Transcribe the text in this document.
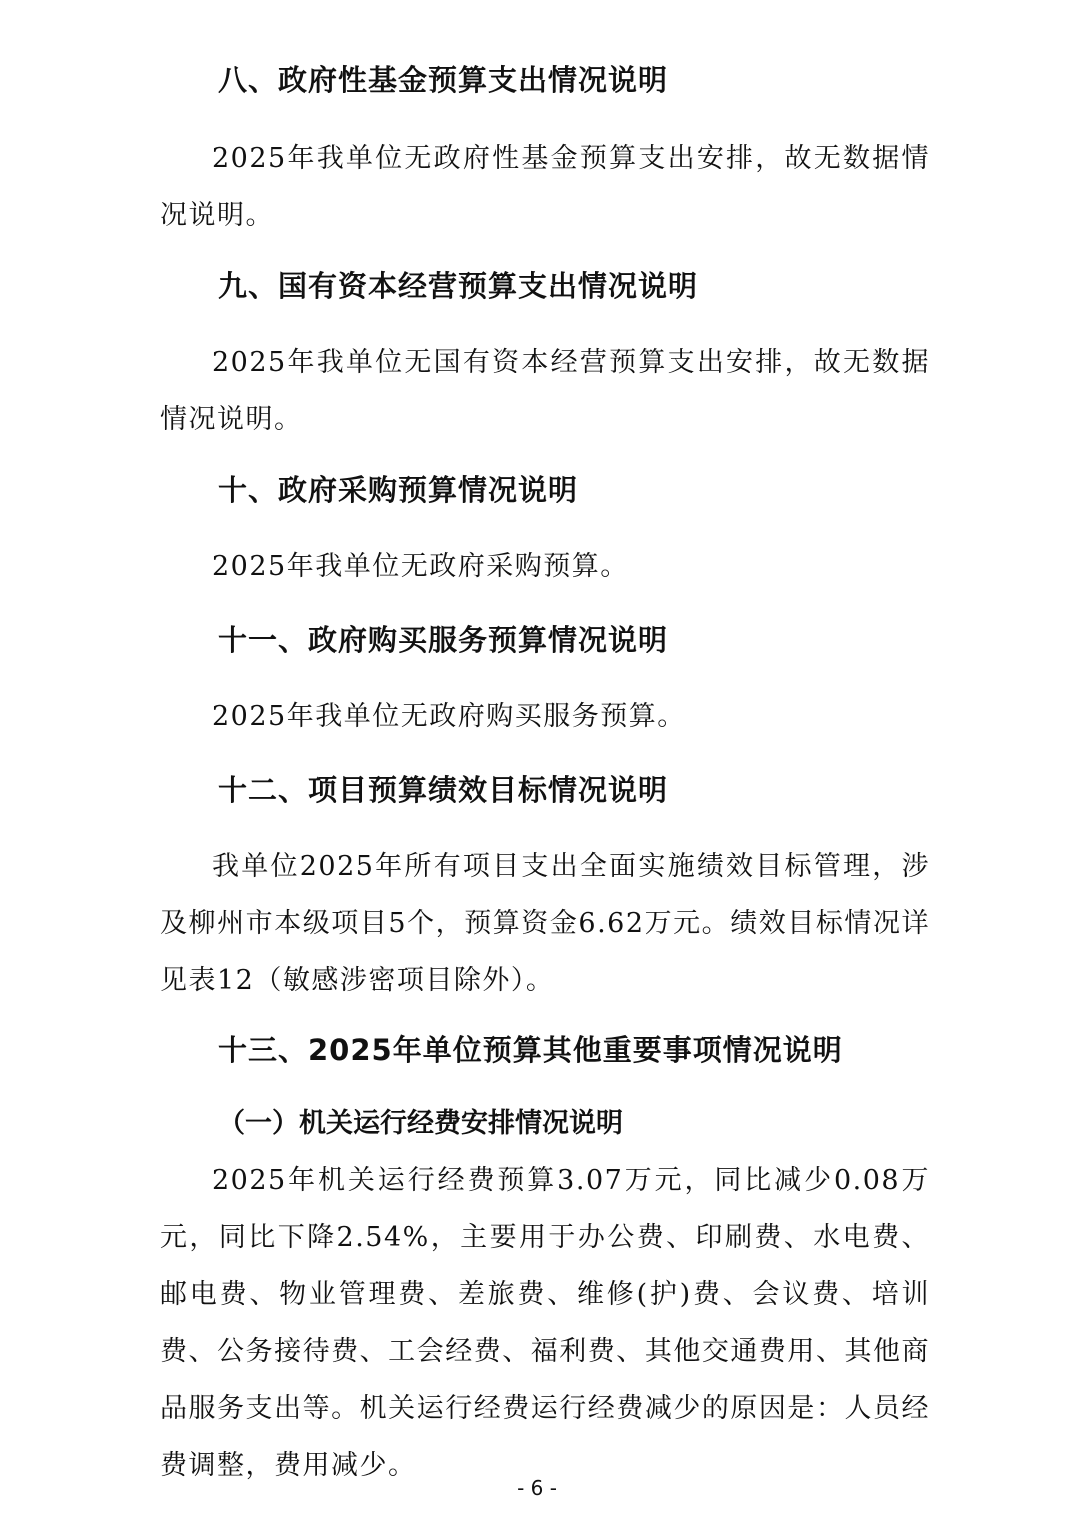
八、政府性基金预算支出情况说明

2025年我单位无政府性基金预算支出安排，故无数据情况说明。

九、国有资本经营预算支出情况说明

2025年我单位无国有资本经营预算支出安排，故无数据情况说明。

十、政府采购预算情况说明

2025年我单位无政府采购预算。

十一、政府购买服务预算情况说明

2025年我单位无政府购买服务预算。

十二、项目预算绩效目标情况说明

我单位2025年所有项目支出全面实施绩效目标管理，涉及柳州市本级项目5个，预算资金6.62万元。绩效目标情况详见表12（敏感涉密项目除外）。

十三、2025年单位预算其他重要事项情况说明
（一）机关运行经费安排情况说明

2025年机关运行经费预算3.07万元，同比减少0.08万元，同比下降2.54%，主要用于办公费、印刷费、水电费、邮电费、物业管理费、差旅费、维修(护)费、会议费、培训费、公务接待费、工会经费、福利费、其他交通费用、其他商品服务支出等。机关运行经费运行经费减少的原因是：人员经费调整，费用减少。

- 6 -
